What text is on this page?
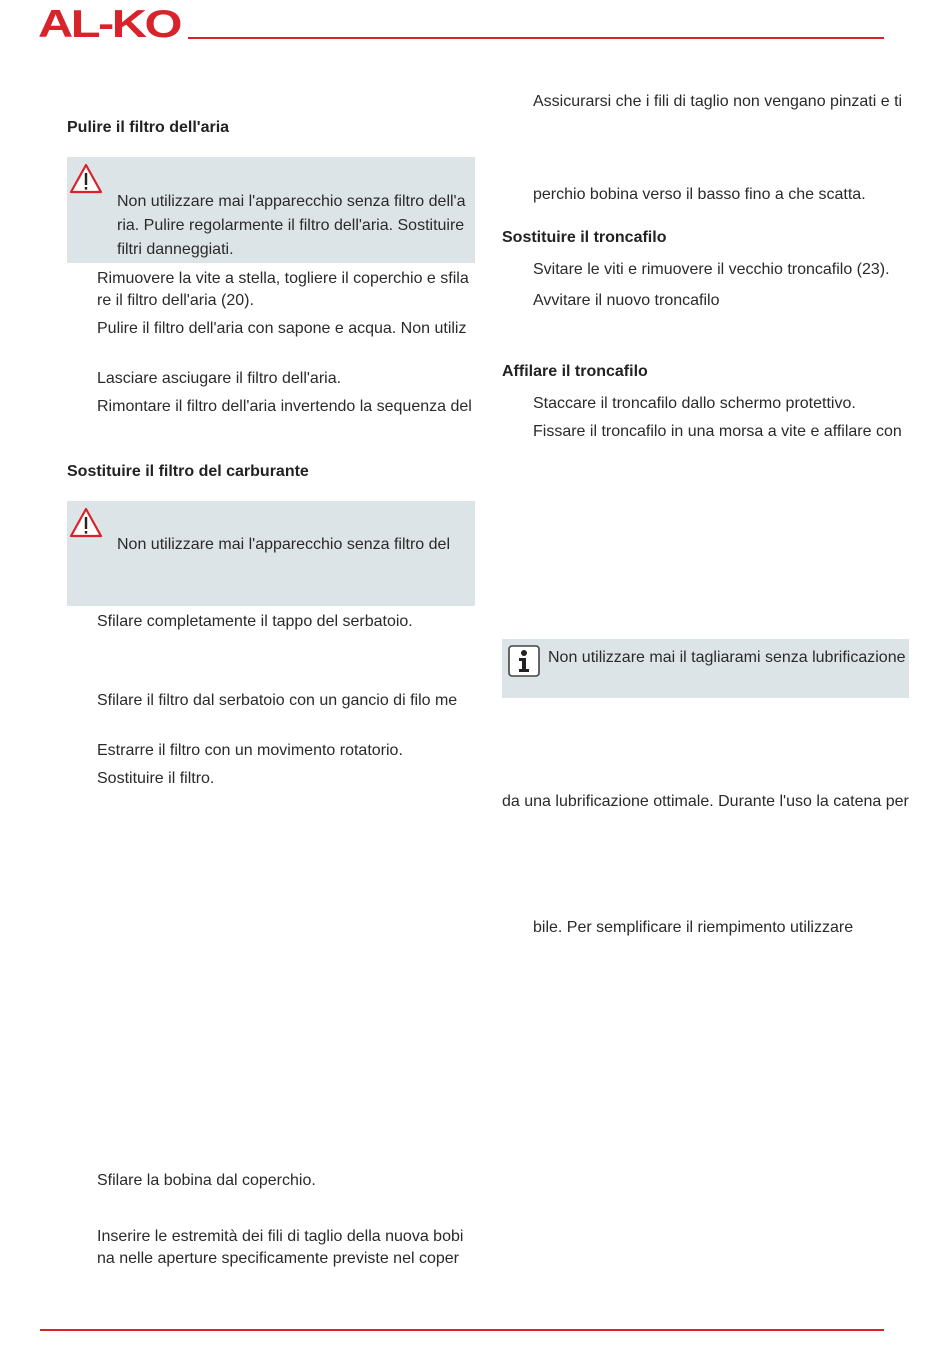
AL-KO
Pulire il filtro dell'aria
Non utilizzare mai l'apparecchio senza filtro dell'a
ria. Pulire regolarmente il filtro dell'aria. Sostituire
filtri danneggiati.
Rimuovere la vite a stella, togliere il coperchio e sfila
re il filtro dell'aria (20).
Pulire il filtro dell'aria con sapone e acqua. Non utiliz
Lasciare asciugare il filtro dell'aria.
Rimontare il filtro dell'aria invertendo la sequenza del
Sostituire il filtro del carburante
Non utilizzare mai l'apparecchio senza filtro del
Sfilare completamente il tappo del serbatoio.
Sfilare il filtro dal serbatoio con un gancio di filo me
Estrarre il filtro con un movimento rotatorio.
Sostituire il filtro.
Sfilare la bobina dal coperchio.
Inserire le estremità dei fili di taglio della nuova bobi
na nelle aperture specificamente previste nel coper
Assicurarsi che i fili di taglio non vengano pinzati e ti
perchio bobina verso il basso fino a che scatta.
Sostituire il troncafilo
Svitare le viti e rimuovere il vecchio troncafilo (23).
Avvitare il nuovo troncafilo
Affilare il troncafilo
Staccare il troncafilo dallo schermo protettivo.
Fissare il troncafilo in una morsa a vite e affilare con
Non utilizzare mai il tagliarami senza lubrificazione
da una lubrificazione ottimale. Durante l'uso la catena per
bile. Per semplificare il riempimento utilizzare
